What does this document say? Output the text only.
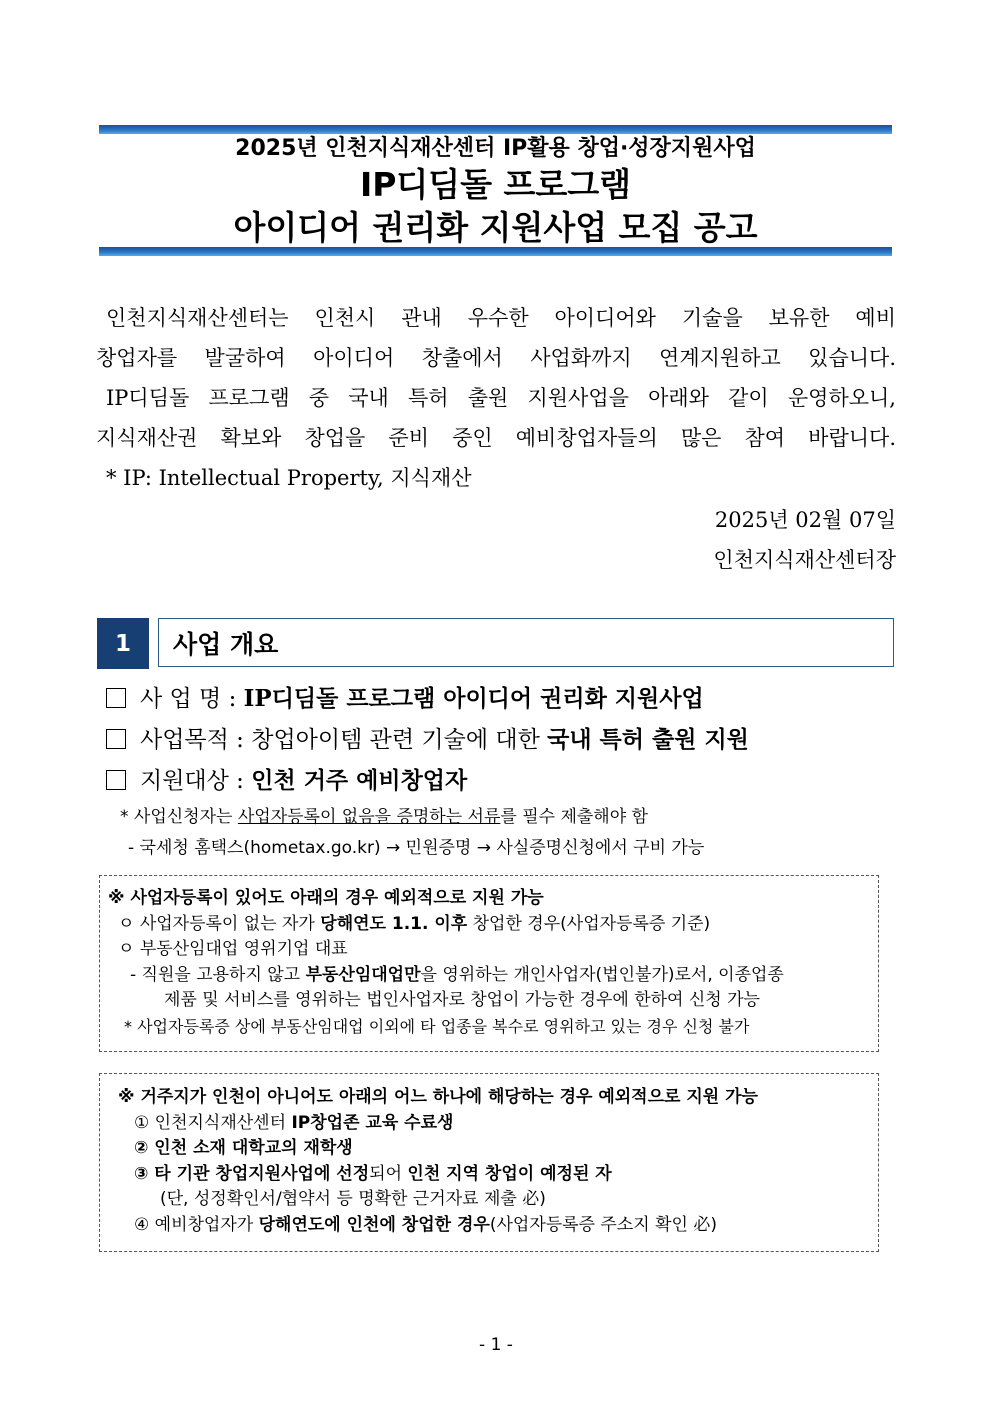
2025년 인천지식재산센터 IP활용 창업·성장지원사업
IP디딤돌 프로그램
아이디어 권리화 지원사업 모집 공고

인천지식재산센터는 인천시 관내 우수한 아이디어와 기술을 보유한 예비

창업자를 발굴하여 아이디어 창출에서 사업화까지 연계지원하고 있습니다.

IP디딤돌 프로그램 중 국내 특허 출원 지원사업을 아래와 같이 운영하오니,

지식재산권 확보와 창업을 준비 중인 예비창업자들의 많은 참여 바랍니다.

* IP: Intellectual Property, 지식재산

2025년 02월 07일
인천지식재산센터장
1	사업 개요
사 업 명 : IP디딤돌 프로그램 아이디어 권리화 지원사업
사업목적 : 창업아이템 관련 기술에 대한 국내 특허 출원 지원
지원대상 : 인천 거주 예비창업자
* 사업신청자는 사업자등록이 없음을 증명하는 서류를 필수 제출해야 함
- 국세청 홈택스(hometax.go.kr) → 민원증명 → 사실증명신청에서 구비 가능
※ 사업자등록이 있어도 아래의 경우 예외적으로 지원 가능
ㅇ 사업자등록이 없는 자가 당해연도 1.1. 이후 창업한 경우(사업자등록증 기준)
ㅇ 부동산임대업 영위기업 대표
- 직원을 고용하지 않고 부동산임대업만을 영위하는 개인사업자(법인불가)로서, 이종업종
제품 및 서비스를 영위하는 법인사업자로 창업이 가능한 경우에 한하여 신청 가능
* 사업자등록증 상에 부동산임대업 이외에 타 업종을 복수로 영위하고 있는 경우 신청 불가
※ 거주지가 인천이 아니어도 아래의 어느 하나에 해당하는 경우 예외적으로 지원 가능
① 인천지식재산센터 IP창업존 교육 수료생
② 인천 소재 대학교의 재학생
③ 타 기관 창업지원사업에 선정되어 인천 지역 창업이 예정된 자
(단, 성정확인서/협약서 등 명확한 근거자료 제출 必)
④ 예비창업자가 당해연도에 인천에 창업한 경우(사업자등록증 주소지 확인 必)
- 1 -
